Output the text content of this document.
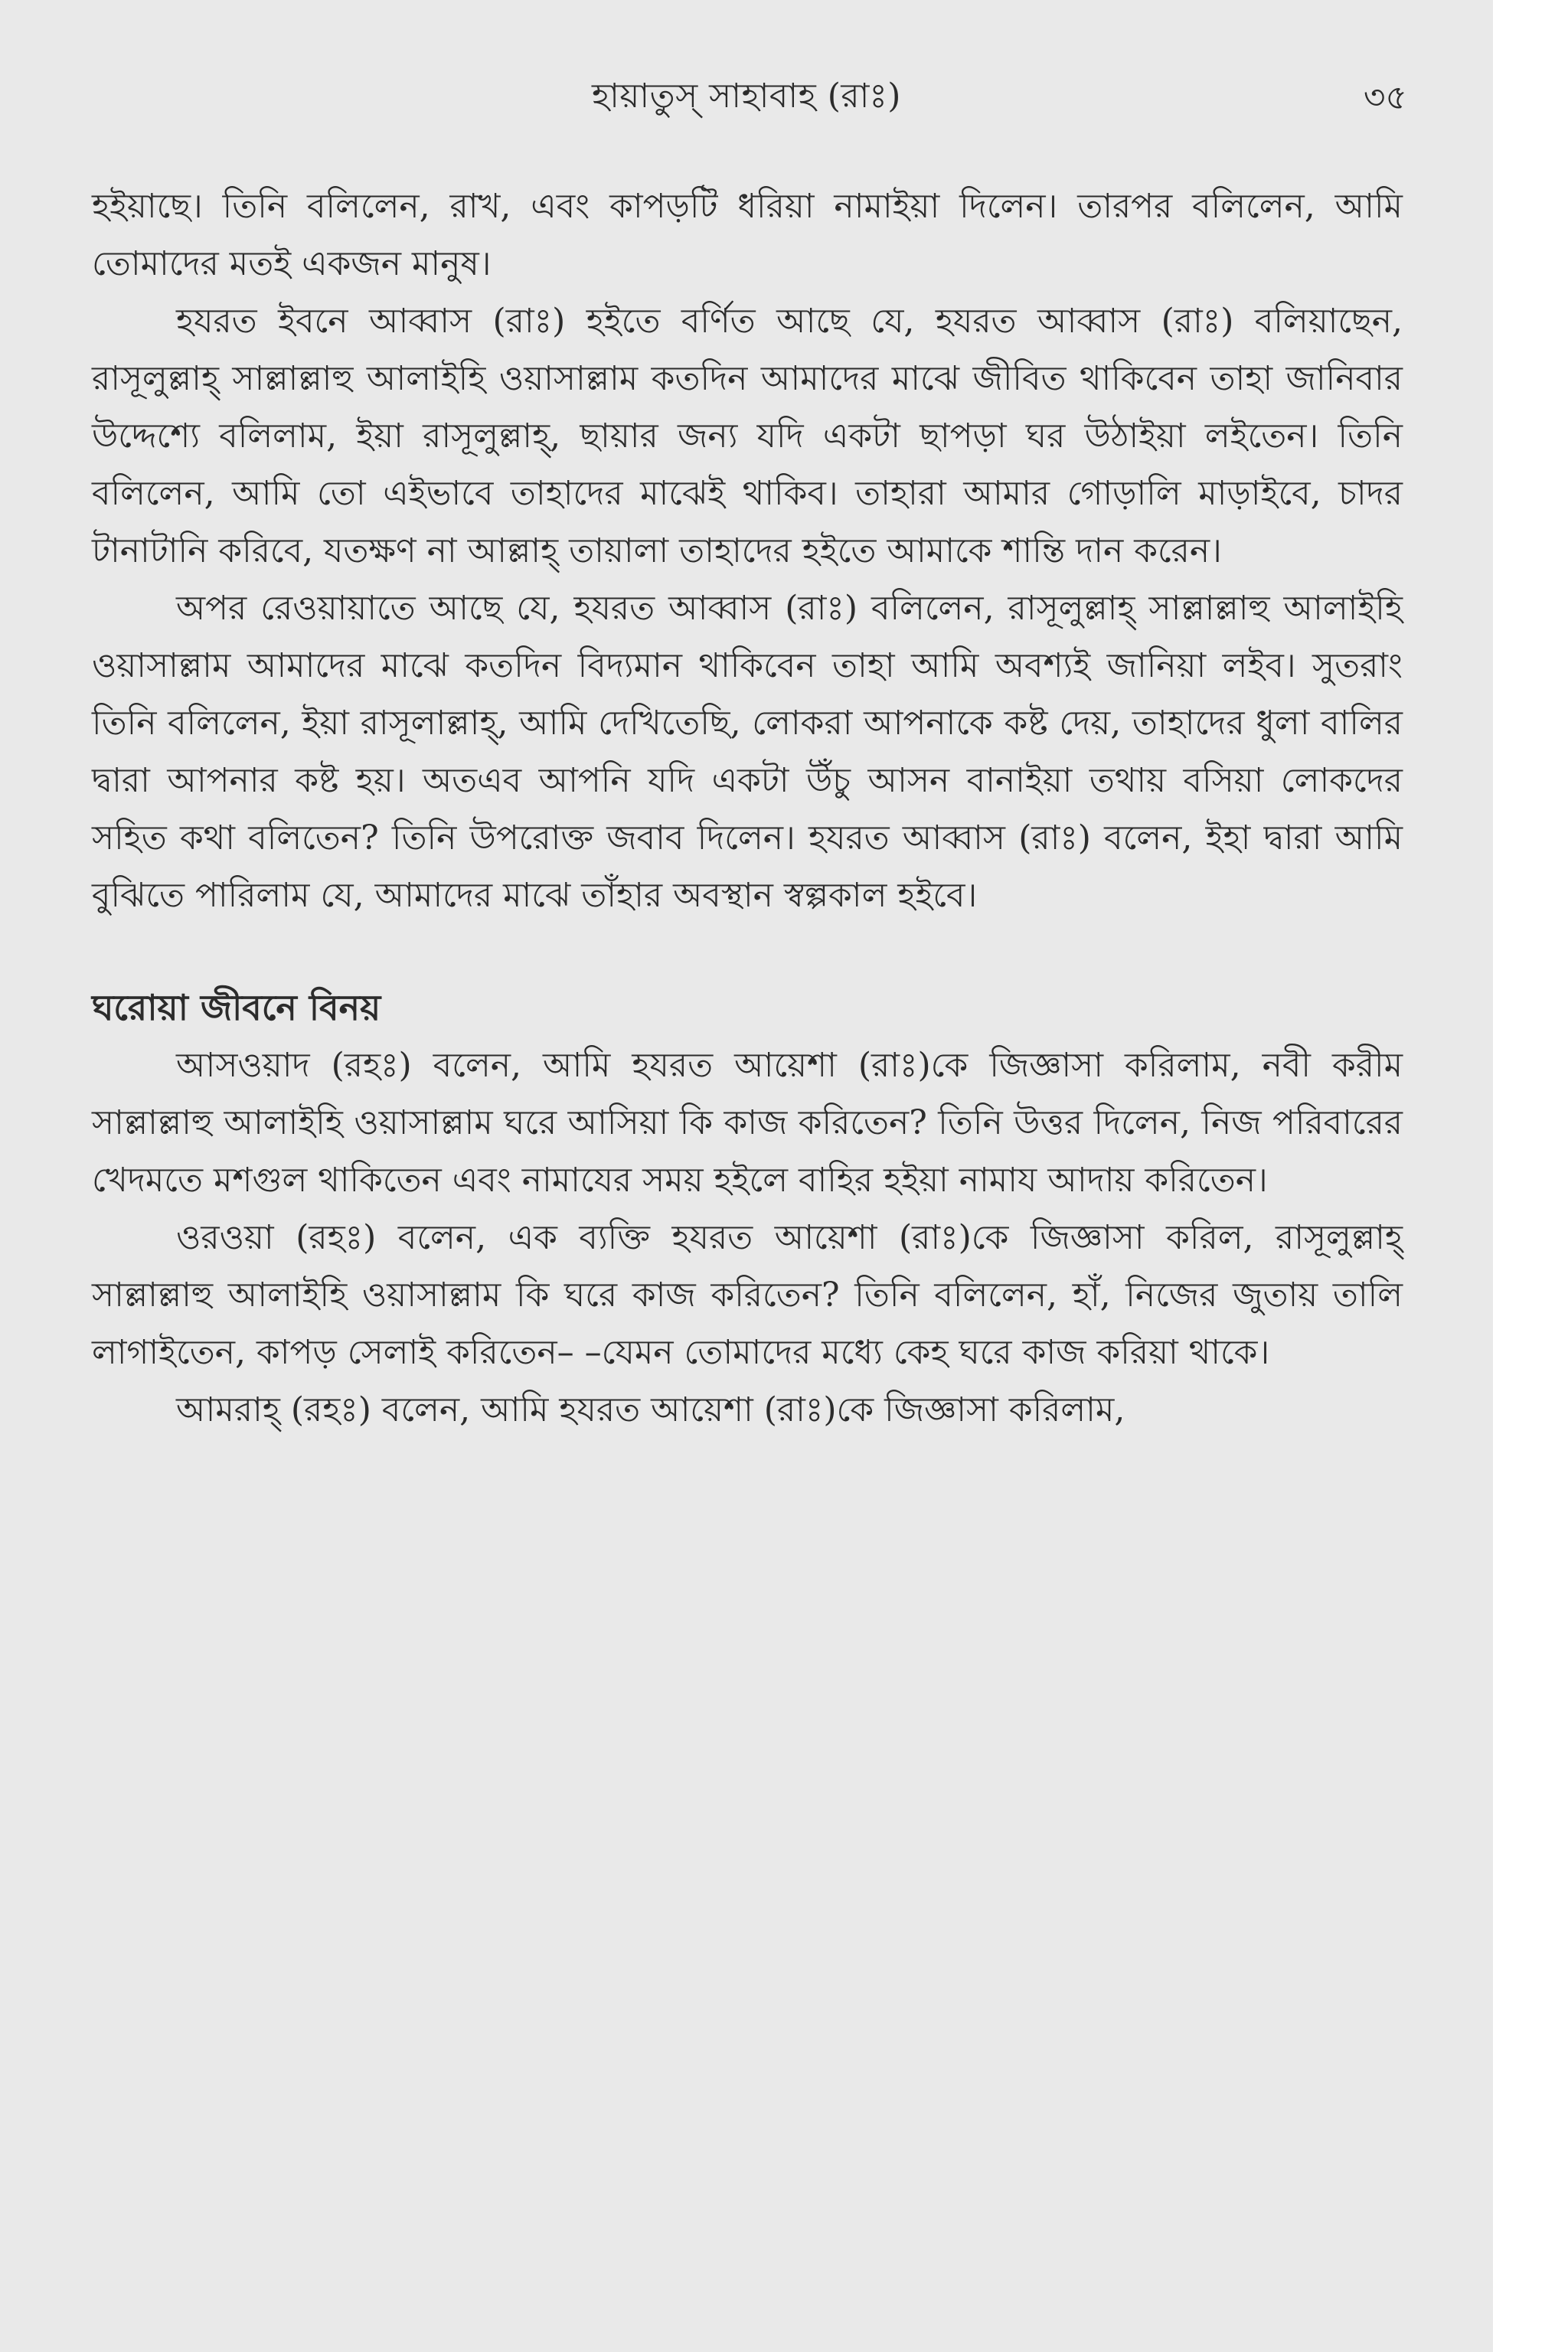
হায়াতুস্ সাহাবাহ (রাঃ)	৩৫

হইয়াছে। তিনি বলিলেন, রাখ, এবং কাপড়টি ধরিয়া নামাইয়া দিলেন। তারপর বলিলেন, আমি তোমাদের মতই একজন মানুষ।

হযরত ইবনে আব্বাস (রাঃ) হইতে বর্ণিত আছে যে, হযরত আব্বাস (রাঃ) বলিয়াছেন, রাসূলুল্লাহ্ সাল্লাল্লাহু আলাইহি ওয়াসাল্লাম কতদিন আমাদের মাঝে জীবিত থাকিবেন তাহা জানিবার উদ্দেশ্যে বলিলাম, ইয়া রাসূলুল্লাহ্, ছায়ার জন্য যদি একটা ছাপড়া ঘর উঠাইয়া লইতেন। তিনি বলিলেন, আমি তো এইভাবে তাহাদের মাঝেই থাকিব। তাহারা আমার গোড়ালি মাড়াইবে, চাদর টানাটানি করিবে, যতক্ষণ না আল্লাহ্ তায়ালা তাহাদের হইতে আমাকে শান্তি দান করেন।

অপর রেওয়ায়াতে আছে যে, হযরত আব্বাস (রাঃ) বলিলেন, রাসূলুল্লাহ্ সাল্লাল্লাহু আলাইহি ওয়াসাল্লাম আমাদের মাঝে কতদিন বিদ্যমান থাকিবেন তাহা আমি অবশ্যই জানিয়া লইব। সুতরাং তিনি বলিলেন, ইয়া রাসূলাল্লাহ্, আমি দেখিতেছি, লোকরা আপনাকে কষ্ট দেয়, তাহাদের ধুলা বালির দ্বারা আপনার কষ্ট হয়। অতএব আপনি যদি একটা উঁচু আসন বানাইয়া তথায় বসিয়া লোকদের সহিত কথা বলিতেন? তিনি উপরোক্ত জবাব দিলেন। হযরত আব্বাস (রাঃ) বলেন, ইহা দ্বারা আমি বুঝিতে পারিলাম যে, আমাদের মাঝে তাঁহার অবস্থান স্বল্পকাল হইবে।

ঘরোয়া জীবনে বিনয়

আসওয়াদ (রহঃ) বলেন, আমি হযরত আয়েশা (রাঃ)কে জিজ্ঞাসা করিলাম, নবী করীম সাল্লাল্লাহু আলাইহি ওয়াসাল্লাম ঘরে আসিয়া কি কাজ করিতেন? তিনি উত্তর দিলেন, নিজ পরিবারের খেদমতে মশগুল থাকিতেন এবং নামাযের সময় হইলে বাহির হইয়া নামায আদায় করিতেন।

ওরওয়া (রহঃ) বলেন, এক ব্যক্তি হযরত আয়েশা (রাঃ)কে জিজ্ঞাসা করিল, রাসূলুল্লাহ্ সাল্লাল্লাহু আলাইহি ওয়াসাল্লাম কি ঘরে কাজ করিতেন? তিনি বলিলেন, হাঁ, নিজের জুতায় তালি লাগাইতেন, কাপড় সেলাই করিতেন– –যেমন তোমাদের মধ্যে কেহ ঘরে কাজ করিয়া থাকে।

আমরাহ্ (রহঃ) বলেন, আমি হযরত আয়েশা (রাঃ)কে জিজ্ঞাসা করিলাম,
